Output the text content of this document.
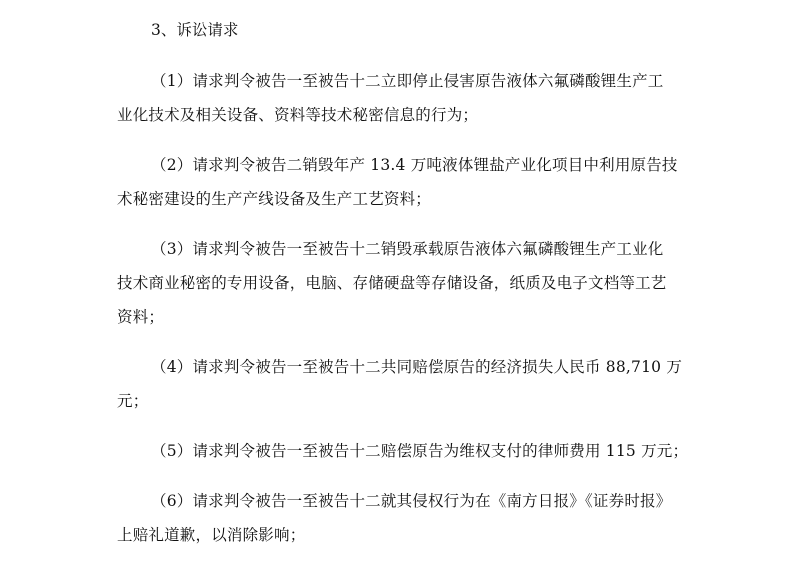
3、诉讼请求

（1）请求判令被告一至被告十二立即停止侵害原告液体六氟磷酸锂生产工
业化技术及相关设备、资料等技术秘密信息的行为；

（2）请求判令被告二销毁年产 13.4 万吨液体锂盐产业化项目中利用原告技
术秘密建设的生产产线设备及生产工艺资料；

（3）请求判令被告一至被告十二销毁承载原告液体六氟磷酸锂生产工业化
技术商业秘密的专用设备，电脑、存储硬盘等存储设备，纸质及电子文档等工艺
资料；

（4）请求判令被告一至被告十二共同赔偿原告的经济损失人民币 88,710 万
元；

（5）请求判令被告一至被告十二赔偿原告为维权支付的律师费用 115 万元；

（6）请求判令被告一至被告十二就其侵权行为在《南方日报》《证券时报》
上赔礼道歉，以消除影响；
